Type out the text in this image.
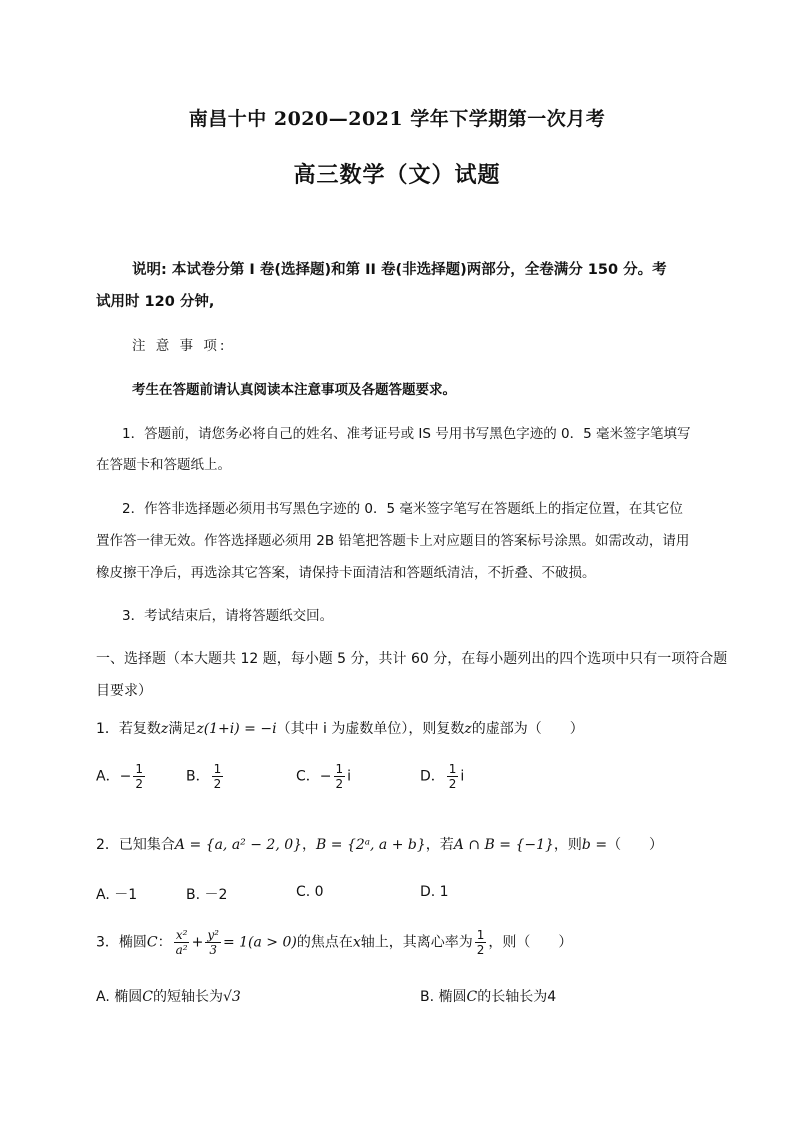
南昌十中 2020—2021 学年下学期第一次月考
高三数学（文）试题
说明: 本试卷分第 I 卷(选择题)和第 II 卷(非选择题)两部分，全卷满分 150 分。考
试用时 120 分钟,
注 意 事 项:
考生在答题前请认真阅读本注意事项及各题答题要求。
1．答题前，请您务必将自己的姓名、准考证号或 IS 号用书写黑色字迹的 0．5 毫米签字笔填写
在答题卡和答题纸上。
2．作答非选择题必须用书写黑色字迹的 0．5 毫米签字笔写在答题纸上的指定位置，在其它位
置作答一律无效。作答选择题必须用 2B 铅笔把答题卡上对应题目的答案标号涂黑。如需改动，请用
橡皮擦干净后，再选涂其它答案，请保持卡面清洁和答题纸清洁，不折叠、不破损。
3．考试结束后，请将答题纸交回。
一、选择题（本大题共 12 题，每小题 5 分，共计 60 分，在每小题列出的四个选项中只有一项符合题
目要求）
1．若复数z满足z(1+i) = −i（其中 i 为虚数单位），则复数z的虚部为（　　）
A．− $\frac{1}{2}$	B． $\frac{1}{2}$	C．− $\frac{1}{2}$ i	D． $\frac{1}{2}$ i
2．已知集合A = {a, a² − 2, 0}，B = {2ᵃ, a + b}，若A ∩ B = {−1}，则b =（　　）
A. －1	B. －2	C. 0	D. 1
3．椭圆C： $\frac{\text{x²}}{\text{a²}} + \frac{\text{y²}}{3} = 1(a > 0)$的焦点在x轴上，其离心率为 $\frac{1}{2}$ ，则（　　）
A. 椭圆C的短轴长为√3	B. 椭圆C的长轴长为4
